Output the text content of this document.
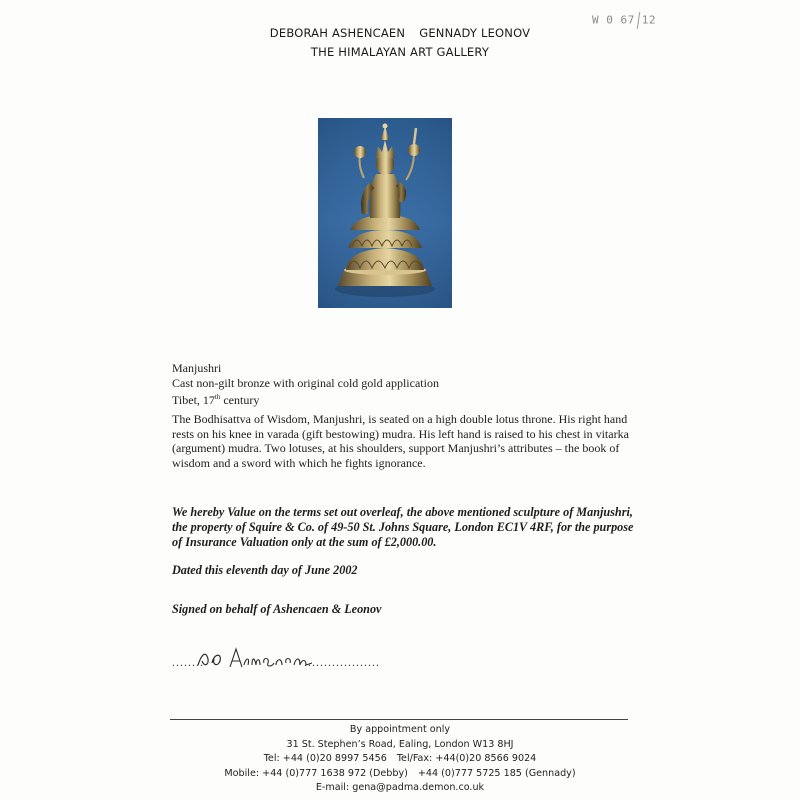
W 0 67 12
DEBORAH ASHENCAEN GENNADY LEONOV
THE HIMALAYAN ART GALLERY
Manjushri
Cast non-gilt bronze with original cold gold application
Tibet, 17th century
The Bodhisattva of Wisdom, Manjushri, is seated on a high double lotus throne. His right hand rests on his knee in varada (gift bestowing) mudra. His left hand is raised to his chest in vitarka (argument) mudra. Two lotuses, at his shoulders, support Manjushri’s attributes – the book of wisdom and a sword with which he fights ignorance.
We hereby Value on the terms set out overleaf, the above mentioned sculpture of Manjushri, the property of Squire & Co. of 49-50 St. Johns Square, London EC1V 4RF, for the purpose of Insurance Valuation only at the sum of £2,000.00.
Dated this eleventh day of June 2002
Signed on behalf of Ashencaen & Leonov
........	...................
By appointment only
31 St. Stephen’s Road, Ealing, London W13 8HJ
Tel: +44 (0)20 8997 5456 Tel/Fax: +44(0)20 8566 9024
Mobile: +44 (0)777 1638 972 (Debby) +44 (0)777 5725 185 (Gennady)
E-mail: gena@padma.demon.co.uk
